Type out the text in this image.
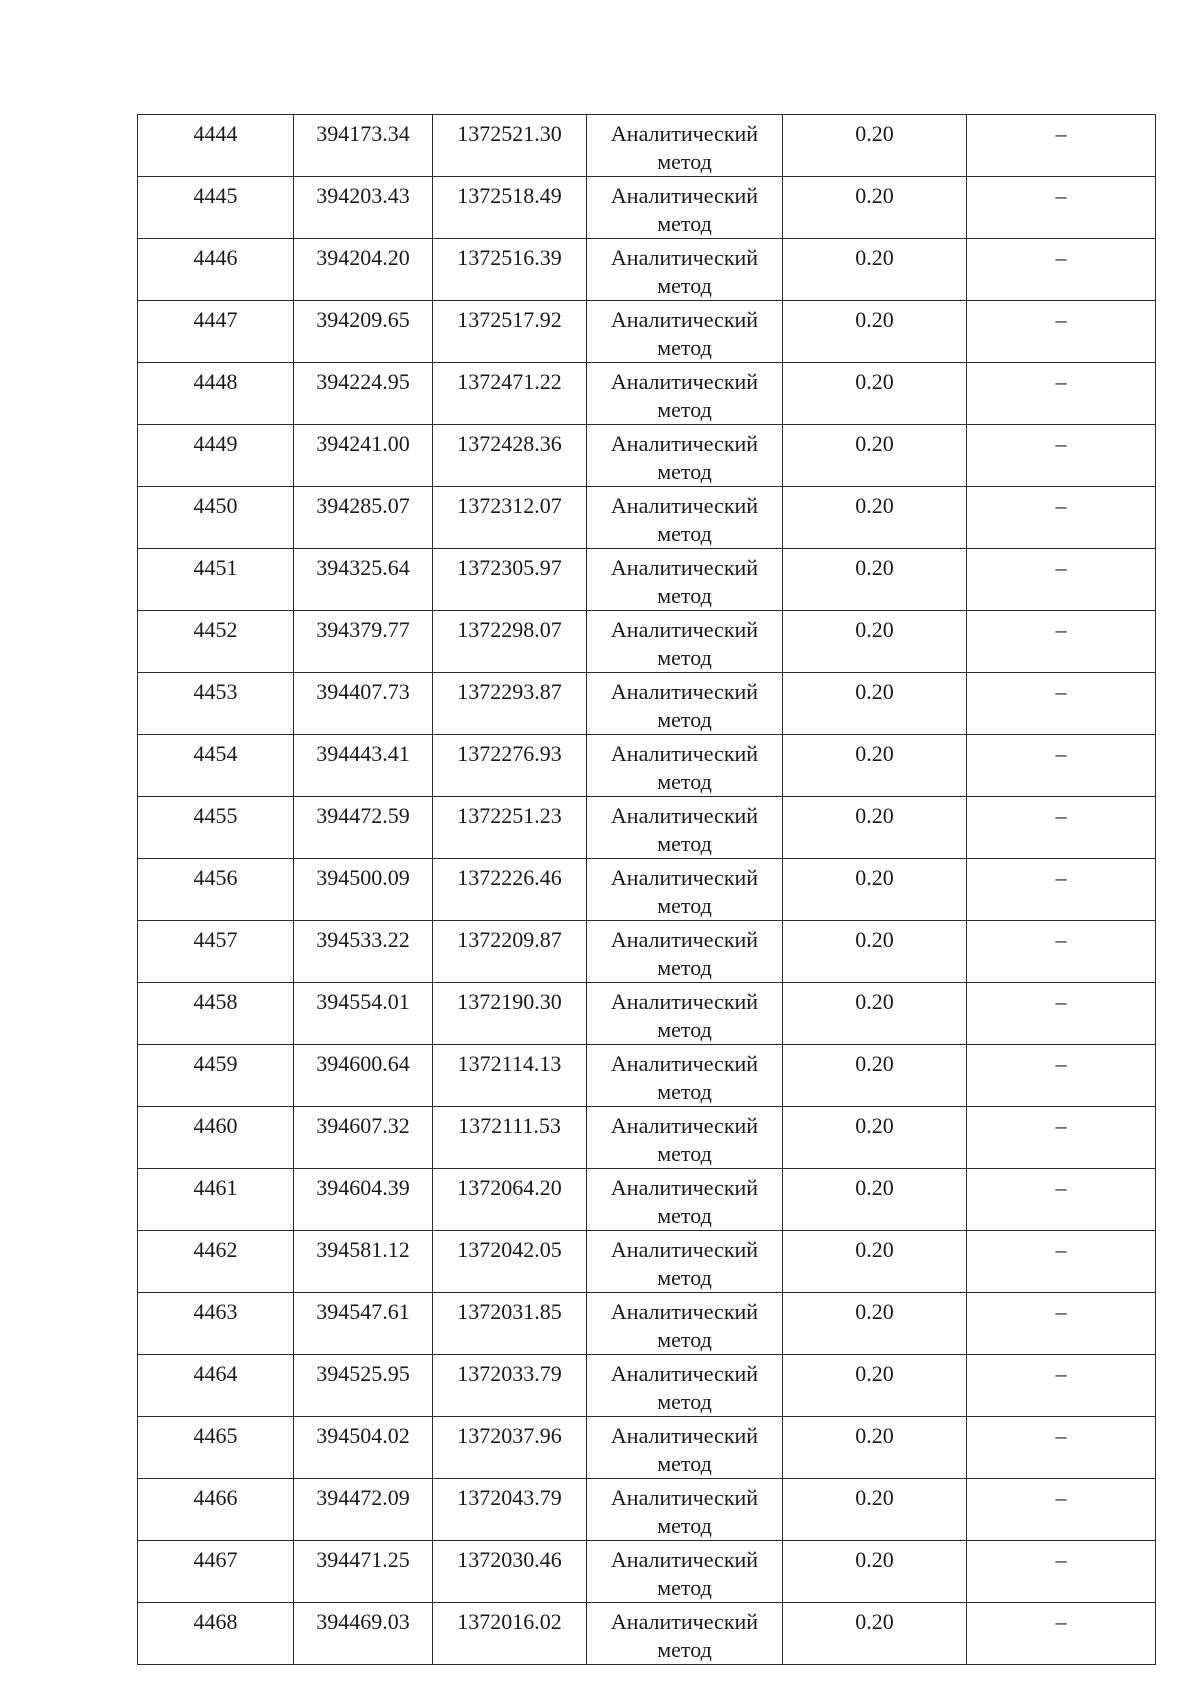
4444	394173.34	1372521.30	Аналитический метод	0.20	–

4445	394203.43	1372518.49	Аналитический метод	0.20	–

4446	394204.20	1372516.39	Аналитический метод	0.20	–

4447	394209.65	1372517.92	Аналитический метод	0.20	–

4448	394224.95	1372471.22	Аналитический метод	0.20	–

4449	394241.00	1372428.36	Аналитический метод	0.20	–

4450	394285.07	1372312.07	Аналитический метод	0.20	–

4451	394325.64	1372305.97	Аналитический метод	0.20	–

4452	394379.77	1372298.07	Аналитический метод	0.20	–

4453	394407.73	1372293.87	Аналитический метод	0.20	–

4454	394443.41	1372276.93	Аналитический метод	0.20	–

4455	394472.59	1372251.23	Аналитический метод	0.20	–

4456	394500.09	1372226.46	Аналитический метод	0.20	–

4457	394533.22	1372209.87	Аналитический метод	0.20	–

4458	394554.01	1372190.30	Аналитический метод	0.20	–

4459	394600.64	1372114.13	Аналитический метод	0.20	–

4460	394607.32	1372111.53	Аналитический метод	0.20	–

4461	394604.39	1372064.20	Аналитический метод	0.20	–

4462	394581.12	1372042.05	Аналитический метод	0.20	–

4463	394547.61	1372031.85	Аналитический метод	0.20	–

4464	394525.95	1372033.79	Аналитический метод	0.20	–

4465	394504.02	1372037.96	Аналитический метод	0.20	–

4466	394472.09	1372043.79	Аналитический метод	0.20	–

4467	394471.25	1372030.46	Аналитический метод	0.20	–

4468	394469.03	1372016.02	Аналитический метод	0.20	–
